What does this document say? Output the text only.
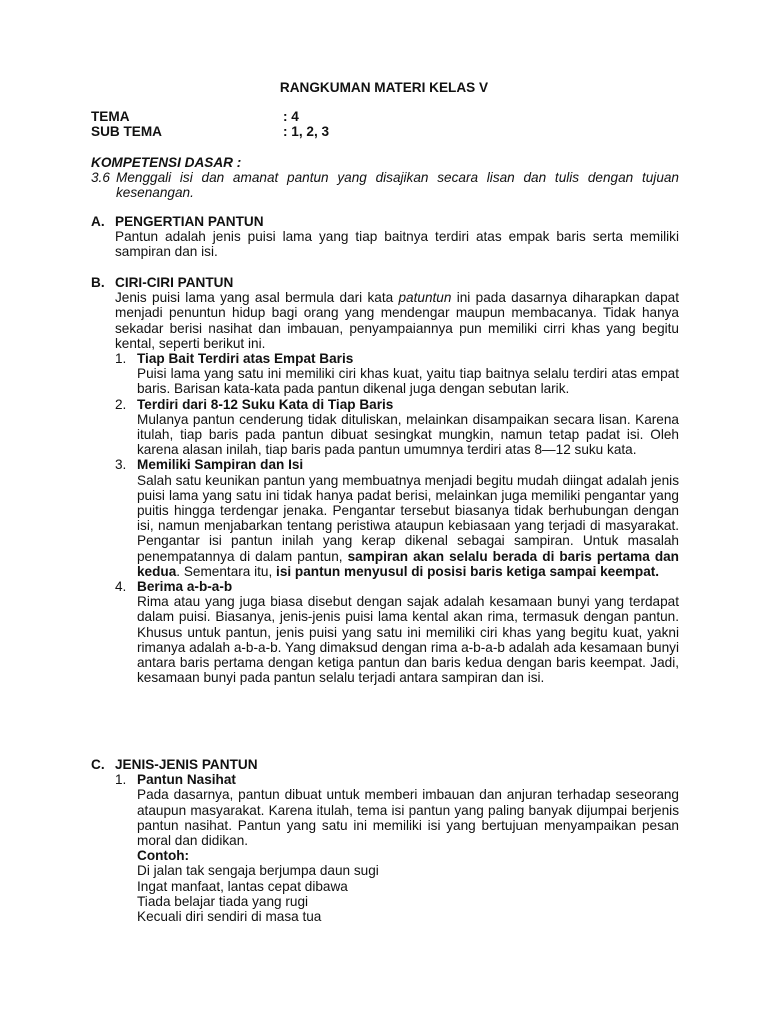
RANGKUMAN MATERI KELAS V
TEMA	: 4
SUB TEMA	: 1, 2, 3
KOMPETENSI DASAR :
3.6 Menggali isi dan amanat pantun yang disajikan secara lisan dan tulis dengan tujuan kesenangan.
A. PENGERTIAN PANTUN
Pantun adalah jenis puisi lama yang tiap baitnya terdiri atas empak baris serta memiliki sampiran dan isi.
B. CIRI-CIRI PANTUN
Jenis puisi lama yang asal bermula dari kata patuntun ini pada dasarnya diharapkan dapat menjadi penuntun hidup bagi orang yang mendengar maupun membacanya. Tidak hanya sekadar berisi nasihat dan imbauan, penyampaiannya pun memiliki cirri khas yang begitu kental, seperti berikut ini.
1. Tiap Bait Terdiri atas Empat Baris
Puisi lama yang satu ini memiliki ciri khas kuat, yaitu tiap baitnya selalu terdiri atas empat baris. Barisan kata-kata pada pantun dikenal juga dengan sebutan larik.
2. Terdiri dari 8-12 Suku Kata di Tiap Baris
Mulanya pantun cenderung tidak dituliskan, melainkan disampaikan secara lisan. Karena itulah, tiap baris pada pantun dibuat sesingkat mungkin, namun tetap padat isi. Oleh karena alasan inilah, tiap baris pada pantun umumnya terdiri atas 8—12 suku kata.
3. Memiliki Sampiran dan Isi
Salah satu keunikan pantun yang membuatnya menjadi begitu mudah diingat adalah jenis puisi lama yang satu ini tidak hanya padat berisi, melainkan juga memiliki pengantar yang puitis hingga terdengar jenaka. Pengantar tersebut biasanya tidak berhubungan dengan isi, namun menjabarkan tentang peristiwa ataupun kebiasaan yang terjadi di masyarakat. Pengantar isi pantun inilah yang kerap dikenal sebagai sampiran. Untuk masalah penempatannya di dalam pantun, sampiran akan selalu berada di baris pertama dan kedua. Sementara itu, isi pantun menyusul di posisi baris ketiga sampai keempat.
4. Berima a-b-a-b
Rima atau yang juga biasa disebut dengan sajak adalah kesamaan bunyi yang terdapat dalam puisi. Biasanya, jenis-jenis puisi lama kental akan rima, termasuk dengan pantun. Khusus untuk pantun, jenis puisi yang satu ini memiliki ciri khas yang begitu kuat, yakni rimanya adalah a-b-a-b. Yang dimaksud dengan rima a-b-a-b adalah ada kesamaan bunyi antara baris pertama dengan ketiga pantun dan baris kedua dengan baris keempat. Jadi, kesamaan bunyi pada pantun selalu terjadi antara sampiran dan isi.
C. JENIS-JENIS PANTUN
1. Pantun Nasihat
Pada dasarnya, pantun dibuat untuk memberi imbauan dan anjuran terhadap seseorang ataupun masyarakat. Karena itulah, tema isi pantun yang paling banyak dijumpai berjenis pantun nasihat. Pantun yang satu ini memiliki isi yang bertujuan menyampaikan pesan moral dan didikan.
Contoh:
Di jalan tak sengaja berjumpa daun sugi
Ingat manfaat, lantas cepat dibawa
Tiada belajar tiada yang rugi
Kecuali diri sendiri di masa tua
